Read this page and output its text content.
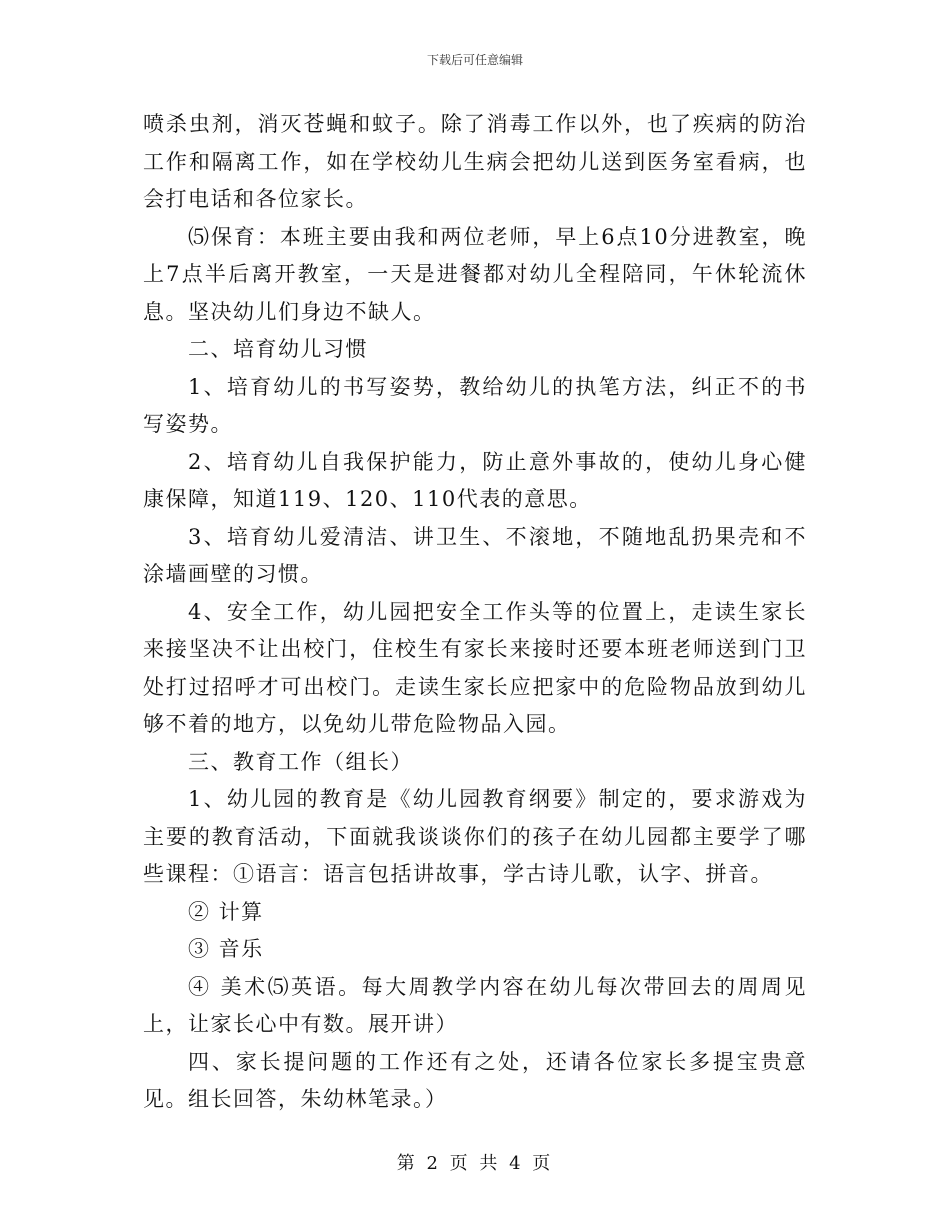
下载后可任意编辑

喷杀虫剂，消灭苍蝇和蚊子。除了消毒工作以外，也了疾病的防治工作和隔离工作，如在学校幼儿生病会把幼儿送到医务室看病，也会打电话和各位家长。

⑸保育：本班主要由我和两位老师，早上6点10分进教室，晚上7点半后离开教室，一天是进餐都对幼儿全程陪同，午休轮流休息。坚决幼儿们身边不缺人。

二、培育幼儿习惯

1、培育幼儿的书写姿势，教给幼儿的执笔方法，纠正不的书写姿势。

2、培育幼儿自我保护能力，防止意外事故的，使幼儿身心健康保障，知道119、120、110代表的意思。

3、培育幼儿爱清洁、讲卫生、不滚地，不随地乱扔果壳和不涂墙画壁的习惯。

4、安全工作，幼儿园把安全工作头等的位置上，走读生家长来接坚决不让出校门，住校生有家长来接时还要本班老师送到门卫处打过招呼才可出校门。走读生家长应把家中的危险物品放到幼儿够不着的地方，以免幼儿带危险物品入园。

三、教育工作（组长）

1、幼儿园的教育是《幼儿园教育纲要》制定的，要求游戏为主要的教育活动，下面就我谈谈你们的孩子在幼儿园都主要学了哪些课程：①语言：语言包括讲故事，学古诗儿歌，认字、拼音。

② 计算

③ 音乐

④ 美术⑸英语。每大周教学内容在幼儿每次带回去的周周见上，让家长心中有数。展开讲）

四、家长提问题的工作还有之处，还请各位家长多提宝贵意见。组长回答，朱幼林笔录。）

第 2 页 共 4 页
